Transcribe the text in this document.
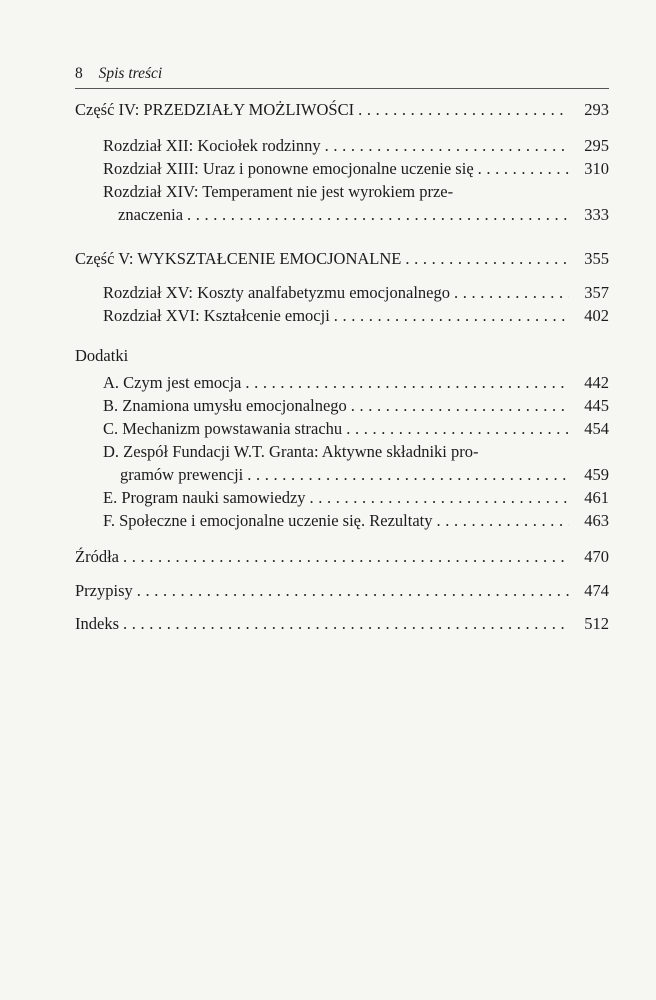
8 Spis treści
Część IV: PRZEDZIAŁY MOŻLIWOŚCI . . .	293
Rozdział XII: Kociołek rodzinny . . .	295
Rozdział XIII: Uraz i ponowne emocjonalne uczenie się . . .	310
Rozdział XIV: Temperament nie jest wyrokiem prze-
znaczenia . . .	333
Część V: WYKSZTAŁCENIE EMOCJONALNE . . .	355
Rozdział XV: Koszty analfabetyzmu emocjonalnego . . .	357
Rozdział XVI: Kształcenie emocji . . .	402
Dodatki
A. Czym jest emocja . . .	442
B. Znamiona umysłu emocjonalnego . . .	445
C. Mechanizm powstawania strachu . . .	454
D. Zespół Fundacji W.T. Granta: Aktywne składniki pro-
gramów prewencji . . .	459
E. Program nauki samowiedzy . . .	461
F. Społeczne i emocjonalne uczenie się. Rezultaty . . .	463
Źródła . . .	470
Przypisy . . .	474
Indeks . . .	512
